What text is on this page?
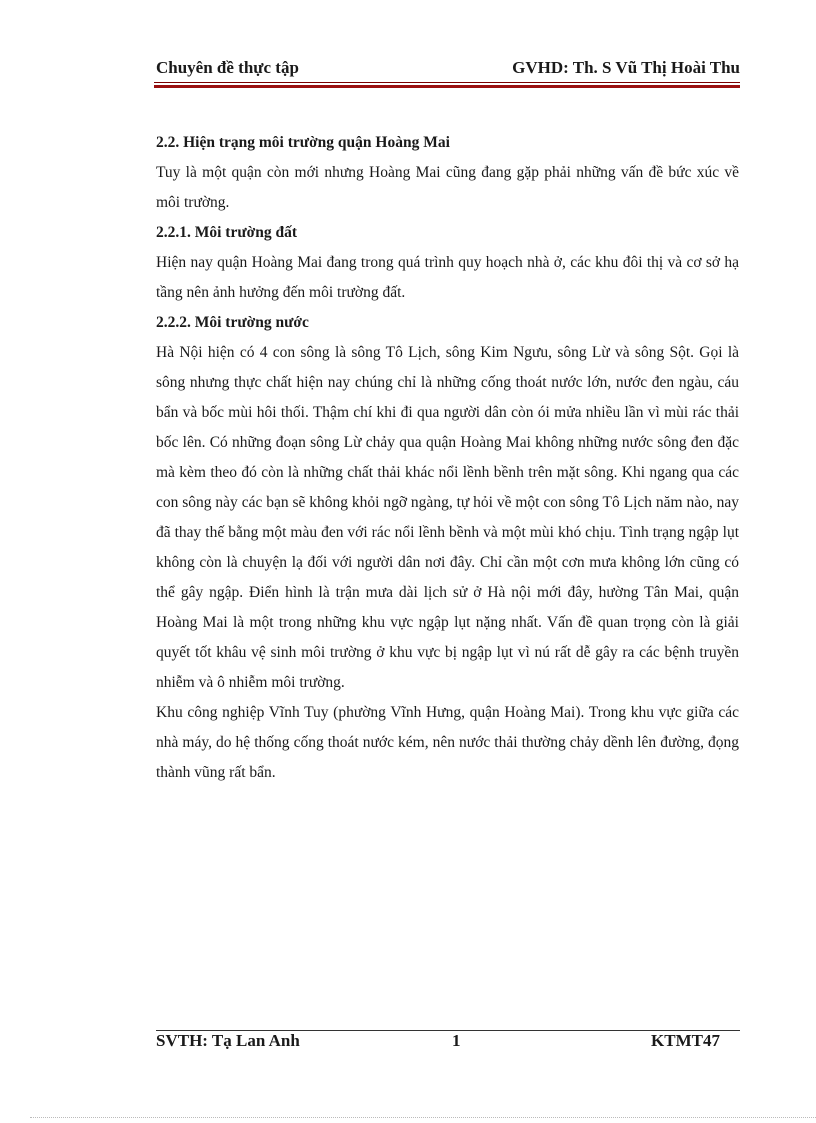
Chuyên đề thực tập	GVHD: Th. S Vũ Thị Hoài Thu

2.2. Hiện trạng môi trường quận Hoàng Mai

Tuy là một quận còn mới nhưng Hoàng Mai cũng đang gặp phải những vấn đề bức xúc về môi trường.

2.2.1. Môi trường đất

Hiện nay quận Hoàng Mai đang trong quá trình quy hoạch nhà ở, các khu đôi thị và cơ sở hạ tầng nên ảnh hưởng đến môi trường đất.

2.2.2. Môi trường nước

Hà Nội hiện có 4 con sông là sông Tô Lịch, sông Kim Ngưu, sông Lừ và sông Sột. Gọi là sông nhưng thực chất hiện nay chúng chỉ là những cống thoát nước lớn, nước đen ngàu, cáu bẩn và bốc mùi hôi thối. Thậm chí khi đi qua người dân còn ói mửa nhiều lần vì mùi rác thải bốc lên. Có những đoạn sông Lừ chảy qua quận Hoàng Mai không những nước sông đen đặc mà kèm theo đó còn là những chất thải khác nổi lềnh bềnh trên mặt sông. Khi ngang qua các con sông này các bạn sẽ không khỏi ngỡ ngàng, tự hỏi về một con sông Tô Lịch năm nào, nay đã thay thế bằng một màu đen với rác nổi lềnh bềnh và một mùi khó chịu. Tình trạng ngập lụt không còn là chuyện lạ đối với người dân nơi đây. Chỉ cần một cơn mưa không lớn cũng có thể gây ngập. Điển hình là trận mưa dài lịch sử ở Hà nội mới đây, hường Tân Mai, quận Hoàng Mai là một trong những khu vực ngập lụt nặng nhất. Vấn đề quan trọng còn là giải quyết tốt khâu vệ sinh môi trường ở khu vực bị ngập lụt vì nú rất dễ gây ra các bệnh truyền nhiễm và ô nhiễm môi trường.

Khu công nghiệp Vĩnh Tuy (phường Vĩnh Hưng, quận Hoàng Mai). Trong khu vực giữa các nhà máy, do hệ thống cống thoát nước kém, nên nước thải thường chảy dềnh lên đường, đọng thành vũng rất bẩn.

SVTH: Tạ Lan Anh	1	KTMT47
